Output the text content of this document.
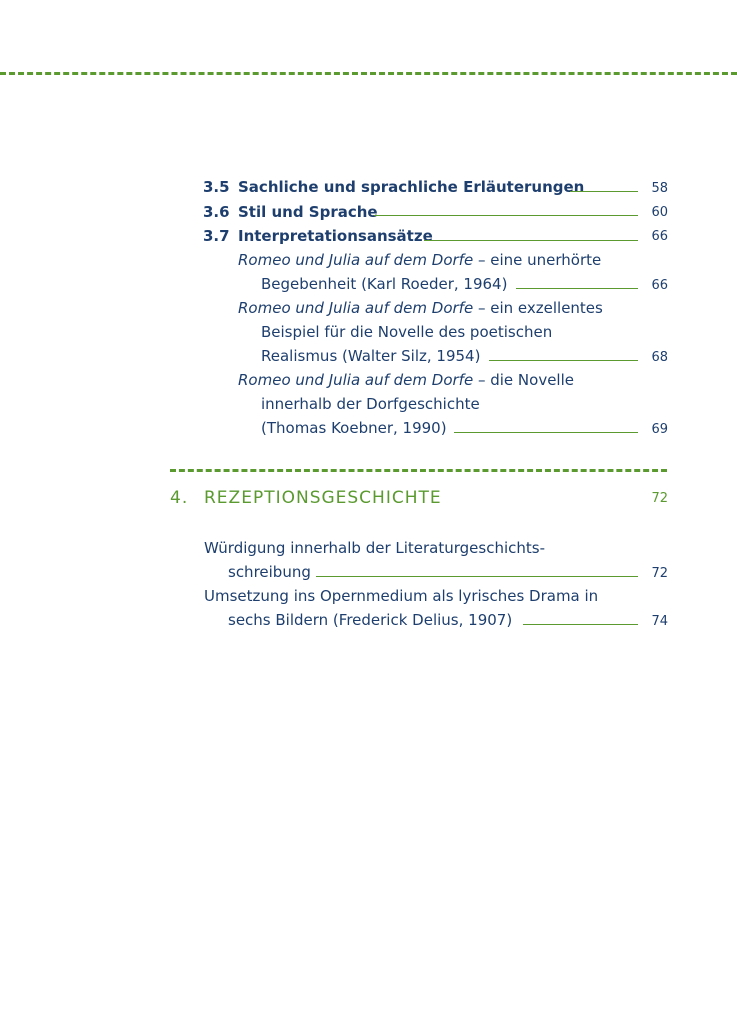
3.5 Sachliche und sprachliche Erläuterungen	58
3.6 Stil und Sprache	60
3.7 Interpretationsansätze	66
Romeo und Julia auf dem Dorfe – eine unerhörte
Begebenheit (Karl Roeder, 1964)	66
Romeo und Julia auf dem Dorfe – ein exzellentes
Beispiel für die Novelle des poetischen
Realismus (Walter Silz, 1954)	68
Romeo und Julia auf dem Dorfe – die Novelle
innerhalb der Dorfgeschichte
(Thomas Koebner, 1990)	69
4. REZEPTIONSGESCHICHTE	72
Würdigung innerhalb der Literaturgeschichts-
schreibung	72
Umsetzung ins Opernmedium als lyrisches Drama in
sechs Bildern (Frederick Delius, 1907)	74
